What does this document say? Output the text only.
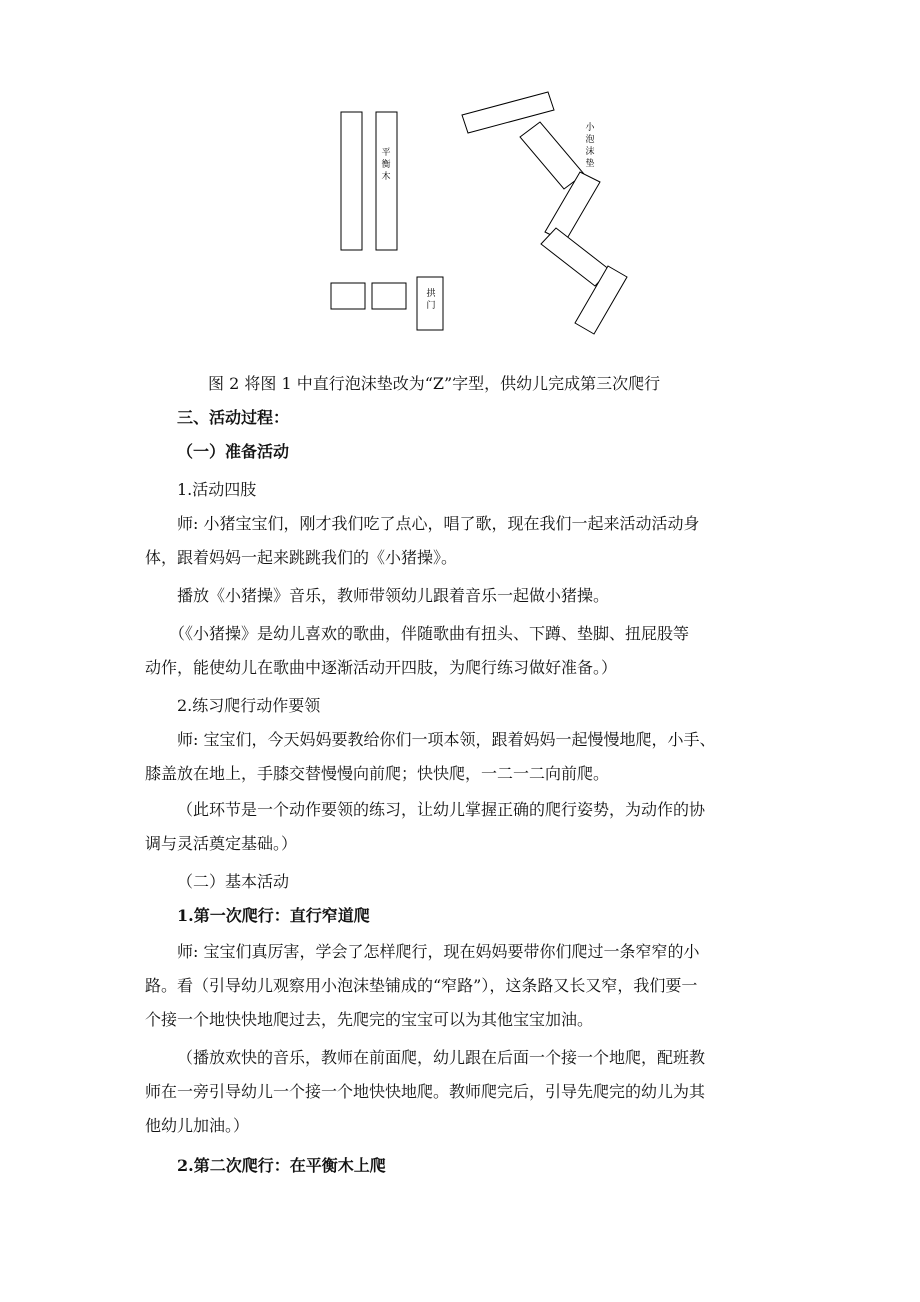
平
衡
木
拱
门
小
泡
沫
垫
图 2 将图 1 中直行泡沫垫改为“Z”字型，供幼儿完成第三次爬行
三、活动过程：
（一）准备活动
1.活动四肢
师: 小猪宝宝们，刚才我们吃了点心，唱了歌，现在我们一起来活动活动身
体，跟着妈妈一起来跳跳我们的《小猪操》。
播放《小猪操》音乐，教师带领幼儿跟着音乐一起做小猪操。
（《小猪操》是幼儿喜欢的歌曲，伴随歌曲有扭头、下蹲、垫脚、扭屁股等
动作，能使幼儿在歌曲中逐渐活动开四肢，为爬行练习做好准备。）
2.练习爬行动作要领
师: 宝宝们，今天妈妈要教给你们一项本领，跟着妈妈一起慢慢地爬，小手、
膝盖放在地上，手膝交替慢慢向前爬；快快爬，一二一二向前爬。
（此环节是一个动作要领的练习，让幼儿掌握正确的爬行姿势，为动作的协
调与灵活奠定基础。）
（二）基本活动
1.第一次爬行：直行窄道爬
师: 宝宝们真厉害，学会了怎样爬行，现在妈妈要带你们爬过一条窄窄的小
路。看（引导幼儿观察用小泡沫垫铺成的“窄路”），这条路又长又窄，我们要一
个接一个地快快地爬过去，先爬完的宝宝可以为其他宝宝加油。
（播放欢快的音乐，教师在前面爬，幼儿跟在后面一个接一个地爬，配班教
师在一旁引导幼儿一个接一个地快快地爬。教师爬完后，引导先爬完的幼儿为其
他幼儿加油。）
2.第二次爬行：在平衡木上爬
